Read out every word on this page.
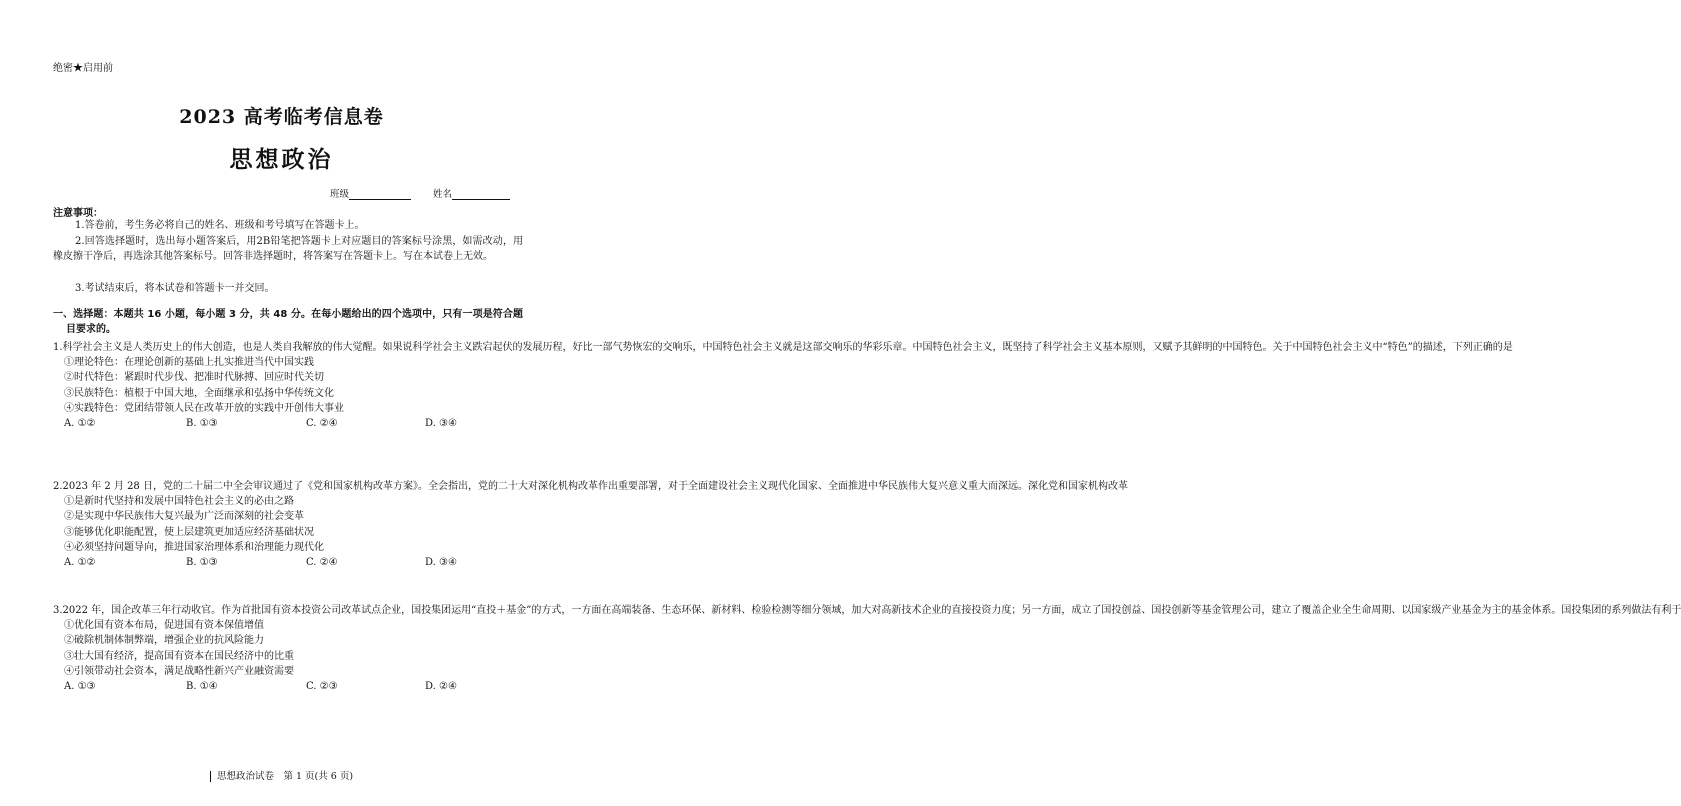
绝密★启用前
2023 高考临考信息卷
思想政治
班级	姓名
注意事项：
1.答卷前，考生务必将自己的姓名、班级和考号填写在答题卡上。
2.回答选择题时，选出每小题答案后，用2B铅笔把答题卡上对应题目的答案标号涂黑，如需改动，用橡皮擦干净后，再选涂其他答案标号。回答非选择题时，将答案写在答题卡上。写在本试卷上无效。
3.考试结束后，将本试卷和答题卡一并交回。
一、选择题：本题共 16 小题，每小题 3 分，共 48 分。在每小题给出的四个选项中，只有一项是符合题目要求的。
1.科学社会主义是人类历史上的伟大创造，也是人类自我解放的伟大觉醒。如果说科学社会主义跌宕起伏的发展历程，好比一部气势恢宏的交响乐，中国特色社会主义就是这部交响乐的华彩乐章。中国特色社会主义，既坚持了科学社会主义基本原则，又赋予其鲜明的中国特色。关于中国特色社会主义中“特色”的描述，下列正确的是
①理论特色：在理论创新的基础上扎实推进当代中国实践
②时代特色：紧跟时代步伐、把准时代脉搏、回应时代关切
③民族特色：植根于中国大地，全面继承和弘扬中华传统文化
④实践特色：党团结带领人民在改革开放的实践中开创伟大事业
A. ①②	B. ①③	C. ②④	D. ③④
2.2023 年 2 月 28 日，党的二十届二中全会审议通过了《党和国家机构改革方案》。全会指出，党的二十大对深化机构改革作出重要部署，对于全面建设社会主义现代化国家、全面推进中华民族伟大复兴意义重大而深远。深化党和国家机构改革
①是新时代坚持和发展中国特色社会主义的必由之路
②是实现中华民族伟大复兴最为广泛而深刻的社会变革
③能够优化职能配置，使上层建筑更加适应经济基础状况
④必须坚持问题导向，推进国家治理体系和治理能力现代化
A. ①②	B. ①③	C. ②④	D. ③④
3.2022 年，国企改革三年行动收官。作为首批国有资本投资公司改革试点企业，国投集团运用“直投＋基金”的方式，一方面在高端装备、生态环保、新材料、检验检测等细分领域，加大对高新技术企业的直接投资力度；另一方面，成立了国投创益、国投创新等基金管理公司，建立了覆盖企业全生命周期、以国家级产业基金为主的基金体系。国投集团的系列做法有利于
①优化国有资本布局，促进国有资本保值增值
②破除机制体制弊端，增强企业的抗风险能力
③壮大国有经济，提高国有资本在国民经济中的比重
④引领带动社会资本，满足战略性新兴产业融资需要
A. ①③	B. ①④	C. ②③	D. ②④
思想政治试卷　第 1 页(共 6 页)
